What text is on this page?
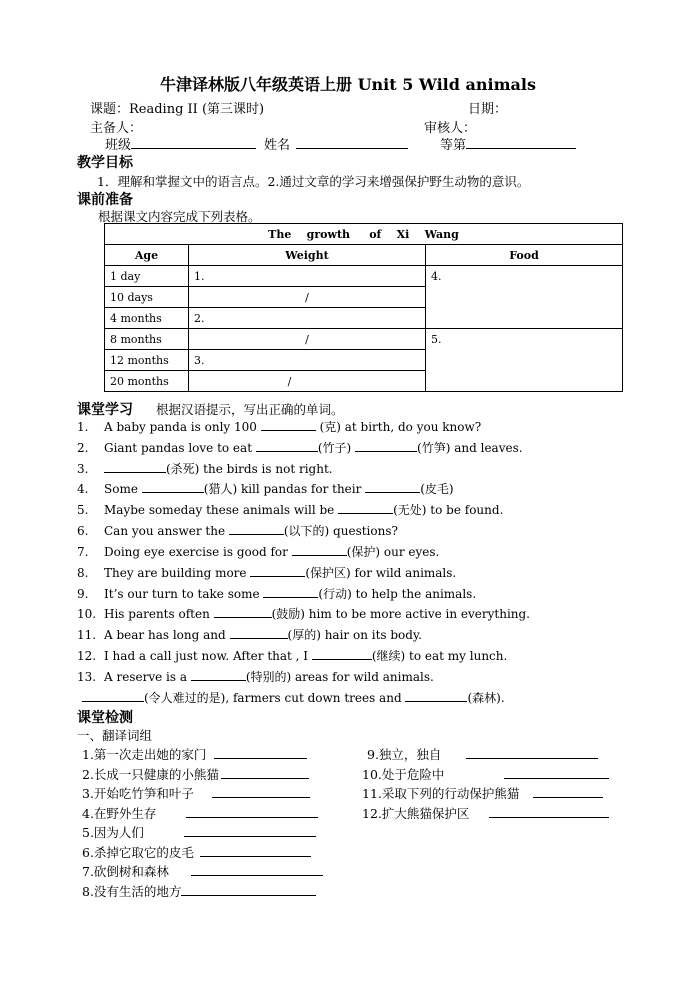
牛津译林版八年级英语上册 Unit 5 Wild animals
课题：Reading II (第三课时)	日期：
主备人：	审核人：
班级	姓名	等第
教学目标
1．理解和掌握文中的语言点。2.通过文章的学习来增强保护野生动物的意识。
课前准备
根据课文内容完成下列表格。
The    growth     of    Xi    Wang		
Age	Weight	Food
1 day	1.	4.
10 days	/	
4 months	2.	
8 months	/	5.
12 months	3.	
20 months	/	
课堂学习 根据汉语提示，写出正确的单词。
1. A baby panda is only 100	(克) at birth, do you know?
2. Giant pandas love to eat	(竹子)	(竹笋) and leaves.
3.	(杀死) the birds is not right.
4. Some	(猎人) kill pandas for their	(皮毛)
5. Maybe someday these animals will be	(无处) to be found.
6. Can you answer the	(以下的) questions?
7. Doing eye exercise is good for	(保护) our eyes.
8. They are building more	(保护区) for wild animals.
9. It’s our turn to take some	(行动) to help the animals.
10. His parents often	(鼓励) him to be more active in everything.
11. A bear has long and	(厚的) hair on its body.
12. I had a call just now. After that , I	(继续) to eat my lunch.
13. A reserve is a	(特别的) areas for wild animals.
(令人难过的是), farmers cut down trees and	(森林).
课堂检测
一、翻译词组
1.第一次走出她的家门
2.长成一只健康的小熊猫
3.开始吃竹笋和叶子
4.在野外生存
5.因为人们
6.杀掉它取它的皮毛
7.砍倒树和森林
8.没有生活的地方
9.独立，独自
10.处于危险中
11.采取下列的行动保护熊猫
12.扩大熊猫保护区
